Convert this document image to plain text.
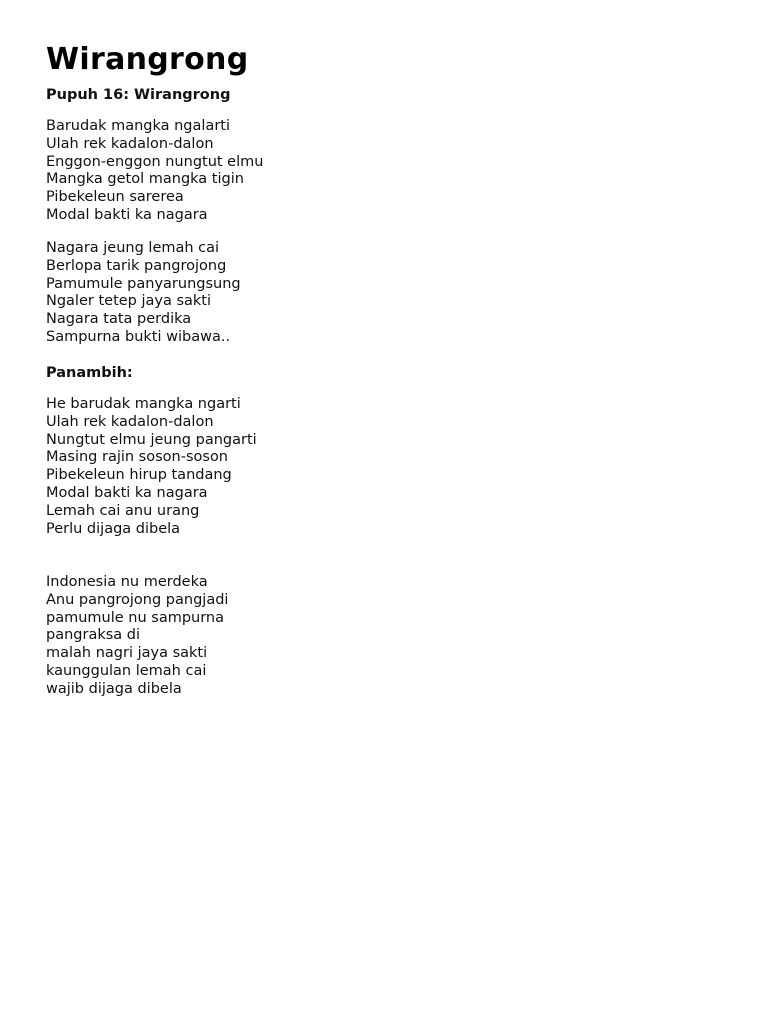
Wirangrong
Pupuh 16: Wirangrong
Barudak mangka ngalarti
Ulah rek kadalon-dalon
Enggon-enggon nungtut elmu
Mangka getol mangka tigin
Pibekeleun sarerea
Modal bakti ka nagara
Nagara jeung lemah cai
Berlopa tarik pangrojong
Pamumule panyarungsung
Ngaler tetep jaya sakti
Nagara tata perdika
Sampurna bukti wibawa..
Panambih:
He barudak mangka ngarti
Ulah rek kadalon-dalon
Nungtut elmu jeung pangarti
Masing rajin soson-soson
Pibekeleun hirup tandang
Modal bakti ka nagara
Lemah cai anu urang
Perlu dijaga dibela
Indonesia nu merdeka
Anu pangrojong pangjadi
pamumule nu sampurna
pangraksa di
malah nagri jaya sakti
kaunggulan lemah cai
wajib dijaga dibela
